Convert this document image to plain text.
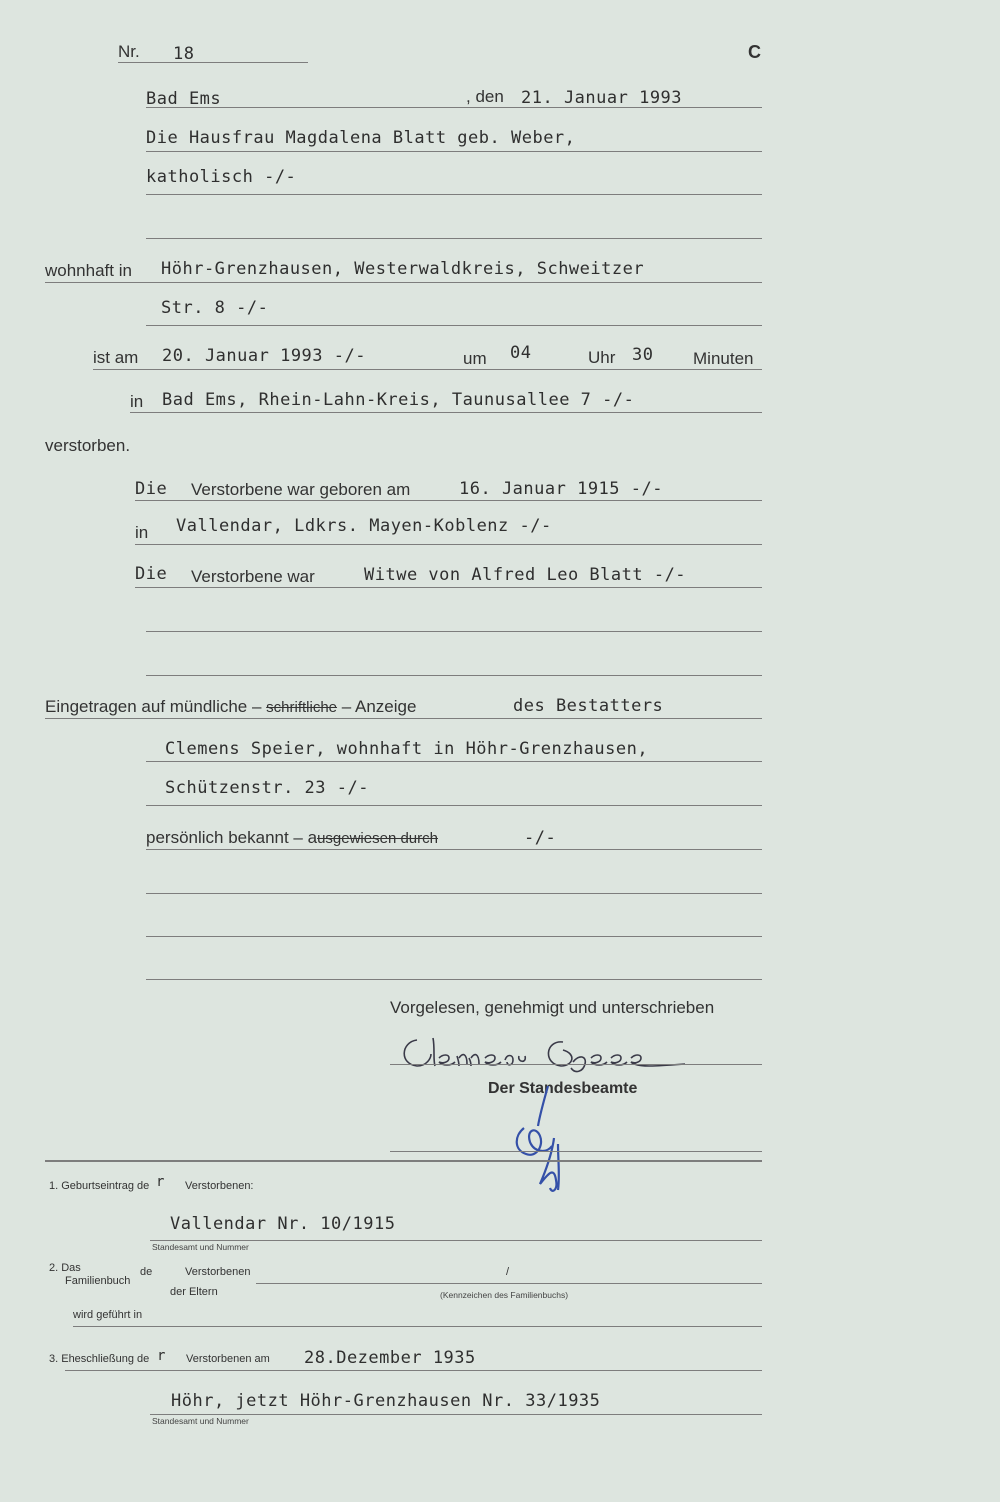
Nr. 18	C
Bad Ems	, den 21. Januar 1993
Die Hausfrau Magdalena Blatt geb. Weber,
katholisch -/-
wohnhaft in Höhr-Grenzhausen, Westerwaldkreis, Schweitzer
Str. 8 -/-
ist am 20. Januar 1993 -/-	um 04	Uhr 30 Minuten
in Bad Ems, Rhein-Lahn-Kreis, Taunusallee 7 -/-
verstorben.
Die Verstorbene war geboren am	16. Januar 1915 -/-
in Vallendar, Ldkrs. Mayen-Koblenz -/-
Die Verstorbene war	Witwe von Alfred Leo Blatt -/-
Eingetragen auf mündliche – schriftliche – Anzeige	des Bestatters
Clemens Speier, wohnhaft in Höhr-Grenzhausen,
Schützenstr. 23 -/-
persönlich bekannt – ausgewiesen durch	-/-
Vorgelesen, genehmigt und unterschrieben
Der Standesbeamte
1. Geburtseintrag de r Verstorbenen:
Vallendar Nr. 10/1915
Standesamt und Nummer
2. Das
Familienbuch
de	Verstorbenen
der Eltern
/
(Kennzeichen des Familienbuchs)
wird geführt in
3. Eheschließung de r Verstorbenen am 28.Dezember 1935
Höhr, jetzt Höhr-Grenzhausen Nr. 33/1935
Standesamt und Nummer
